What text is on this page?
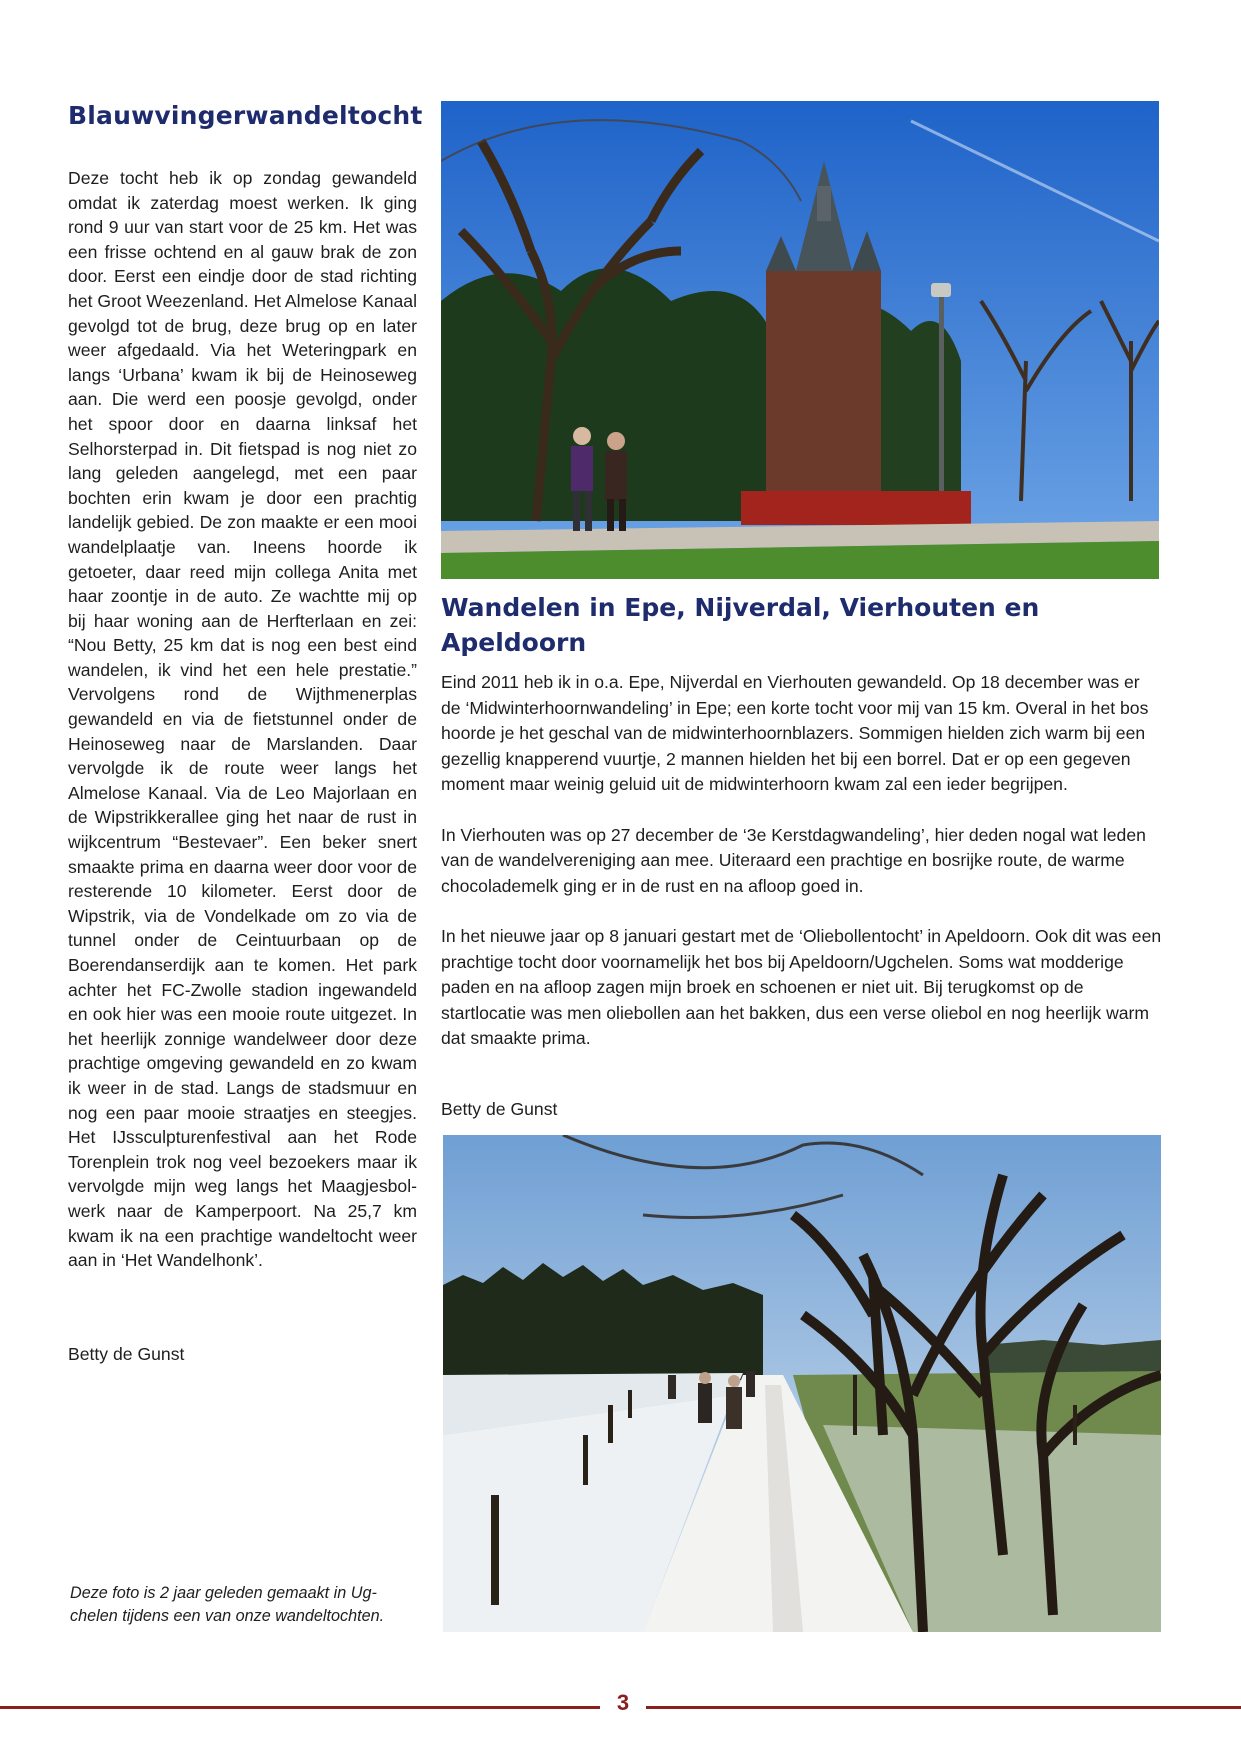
Blauwvingerwandeltocht
Deze tocht heb ik op zondag gewandeld omdat ik zaterdag moest werken. Ik ging rond 9 uur van start voor de 25 km. Het was een frisse ochtend en al gauw brak de zon door. Eerst een eindje door de stad richting het Groot Weezenland. Het Almelose Kanaal gevolgd tot de brug, deze brug op en later weer afgedaald. Via het Weteringpark en langs ‘Urbana’ kwam ik bij de Heinoseweg aan. Die werd een poosje gevolgd, onder het spoor door en daarna linksaf het Selhorsterpad in. Dit fietspad is nog niet zo lang geleden aangelegd, met een paar bochten erin kwam je door een prachtig landelijk gebied. De zon maakte er een mooi wandelplaatje van. Ineens hoorde ik getoeter, daar reed mijn collega Anita met haar zoontje in de auto. Ze wachtte mij op bij haar woning aan de Herfterlaan en zei: “Nou Betty, 25 km dat is nog een best eind wandelen, ik vind het een hele prestatie.” Vervolgens rond de Wijthmenerplas gewandeld en via de fietstunnel onder de Heinoseweg naar de Marslanden. Daar vervolgde ik de route weer langs het Almelose Kanaal. Via de Leo Majorlaan en de Wipstrikkerallee ging het naar de rust in wijkcentrum “Bestevaer”. Een beker snert smaakte prima en daarna weer door voor de resterende 10 kilometer. Eerst door de Wipstrik, via de Vondelkade om zo via de tunnel onder de Ceintuurbaan op de Boerendanserdijk aan te komen. Het park achter het FC-Zwolle stadion ingewandeld en ook hier was een mooie route uitgezet. In het heerlijk zonnige wandelweer door deze prachtige omgeving gewandeld en zo kwam ik weer in de stad. Langs de stadsmuur en nog een paar mooie straatjes en steegjes. Het IJssculpturenfestival aan het Rode Torenplein trok nog veel bezoekers maar ik vervolgde mijn weg langs het Maagjesbolwerk naar de Kamperpoort. Na 25,7 km kwam ik na een prachtige wandeltocht weer aan in ‘Het Wandelhonk’.
Betty de Gunst
Deze foto is 2 jaar geleden gemaakt in Ugchelen tijdens een van onze wandeltochten.
Wandelen in Epe, Nijverdal, Vierhouten en Apeldoorn

Eind 2011 heb ik in o.a. Epe, Nijverdal en Vierhouten gewandeld. Op 18 december was er de ‘Midwinterhoornwandeling’ in Epe; een korte tocht voor mij van 15 km. Overal in het bos hoorde je het geschal van de midwinterhoornblazers. Sommigen hielden zich warm bij een gezellig knapperend vuurtje, 2 mannen hielden het bij een borrel. Dat er op een gegeven moment maar weinig geluid uit de midwinterhoorn kwam zal een ieder begrijpen.

In Vierhouten was op 27 december de ‘3e Kerstdagwandeling’, hier deden nogal wat leden van de wandelvereniging aan mee. Uiteraard een prachtige en bosrijke route, de warme chocolademelk ging er in de rust en na afloop goed in.

In het nieuwe jaar op 8 januari gestart met de ‘Oliebollentocht’ in Apeldoorn. Ook dit was een prachtige tocht door voornamelijk het bos bij Apeldoorn/Ugchelen. Soms wat modderige paden en na afloop zagen mijn broek en schoenen er niet uit. Bij terugkomst op de startlocatie was men oliebollen aan het bakken, dus een verse oliebol en nog heerlijk warm dat smaakte prima.

Betty de Gunst
3
